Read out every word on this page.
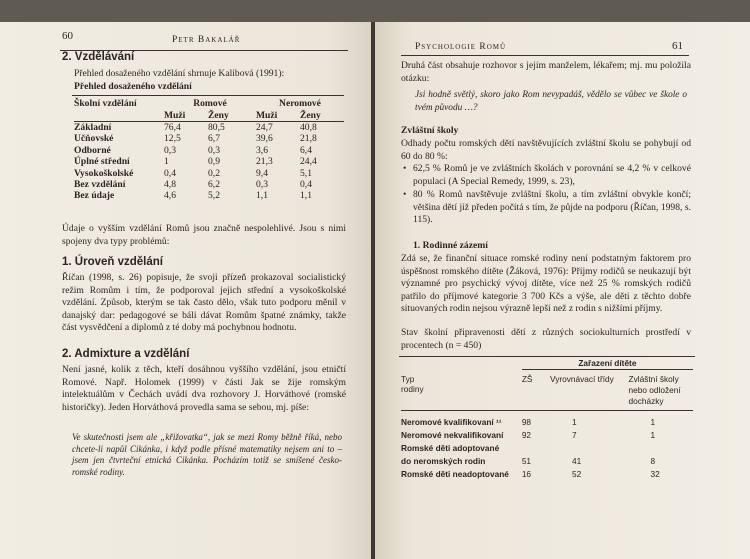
60	Petr Bakalář
2. Vzdělávání

Přehled dosaženého vzdělání shrnuje Kalibová (1991):

Přehled dosaženého vzdělání

Školní vzdělání	Romové		Neromové	
	Muži	Ženy	Muži	Ženy
Základní	76,4	80,5	24,7	40,8
Učňovské	12,5	6,7	39,6	21,8
Odborné	0,3	0,3	3,6	6,4
Úplné střední	1	0,9	21,3	24,4
Vysokoškolské	0,4	0,2	9,4	5,1
Bez vzdělání	4,8	6,2	0,3	0,4
Bez údaje	4,6	5,2	1,1	1,1

Údaje o vyšším vzdělání Romů jsou značně nespolehlivé. Jsou s nimi spojeny dva typy problémů:

1. Úroveň vzdělání

Říčan (1998, s. 26) popisuje, že svoji přízeň prokazoval socialistický režim Romům i tím, že podporoval jejich střední a vysokoškolské vzdělání. Způsob, kterým se tak často dělo, však tuto podporu měnil v danajský dar: pedagogové se báli dávat Romům špatné známky, takže část vysvědčení a diplomů z té doby má pochybnou hodnotu.

2. Admixture a vzdělání

Není jasné, kolik z těch, kteří dosáhnou vyššího vzdělání, jsou etničtí Romové. Např. Holomek (1999) v části Jak se žije romským intelektuálům v Čechách uvádí dva rozhovory J. Horváthové (romské historičky). Jeden Horváthová provedla sama se sebou, mj. píše:

Ve skutečnosti jsem ale „křižovatka“, jak se mezi Romy běžně říká, nebo chcete-li napůl Cikánka, i když podle přísné matematiky nejsem ani to – jsem jen čtvrteční etnická Cikánka. Pocházím totiž se smíšené česko-romské rodiny.

Psychologie Romů	61

Druhá část obsahuje rozhovor s jejím manželem, lékařem; mj. mu položila otázku:

Jsi hodně světlý, skoro jako Rom nevypadáš, vědělo se vůbec ve škole o tvém původu …?

Zvláštní školy

Odhady počtu romských dětí navštěvujících zvláštní školu se pohybují od 60 do 80 %:

• 62,5 % Romů je ve zvláštních školách v porovnání se 4,2 % v celkové populaci (A Special Remedy, 1999, s. 23),

• 80 % Romů navštěvuje zvláštní školu, a tím zvláštní obvykle končí; většina dětí již předen počítá s tím, že půjde na podporu (Říčan, 1998, s. 115).

1. Rodinné zázemí

Zdá se, že finanční situace romské rodiny není podstatným faktorem pro úspěšnost romského dítěte (Žáková, 1976): Příjmy rodičů se neukazují být významné pro psychický vývoj dítěte, více než 25 % romských rodičů patřilo do příjmové kategorie 3 700 Kčs a výše, ale děti z těchto dobře situovaných rodin nejsou výrazně lepší než z rodin s nižšími příjmy.

Stav školní připravenosti dětí z různých sociokulturních prostředí v procentech (n = 450)

	Zařazení dítěte		

Typ
rodiny	ZŠ	Vyrovnávací třídy	Zvláštní školy nebo odložení docházky

Neromové kvalifikovaní ¹¹	98	1	1
Neromové nekvalifikovaní	92	7	1
Romské děti adoptované			
do neromských rodin	51	41	8
Romské děti neadoptované	16	52	32
